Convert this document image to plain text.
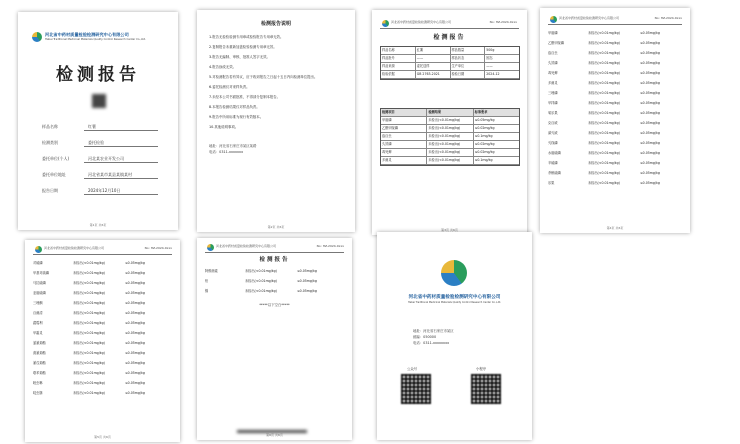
河北省中药材质量检验检测研究中心有限公司
Hebei Traditional Medicinal Materials Quality Control Research Center Co.,Ltd.
检测报告
第1页 共6页
样品名称	红薯
检测类别	委托检验
委托单位(个人)	河北某农业开发公司
委托单位地址	河北省某市某县某镇某村
报告日期	2024年12月10日
检测报告说明
1.报告无检验检测专用章或检验报告专用章无效。
2.复制报告未重新加盖检验检测专用章无效。
3.报告无编制、审核、批准人签字无效。
4.报告涂改无效。
5.对检测报告若有异议，应于收到报告之日起十五日内向检测单位提出。
6.委托检测仅对来样负责。
7.未经本公司书面批准，不得部分复制本报告。
8.本报告检测结果仅对样品负责。
9.报告中所用标准为现行有效版本。
10.其他说明事项。
地址：河北省石家庄市某区某路
电话：0311-xxxxxxx
第2页 共6页
河北省中药材质量检验检测研究中心有限公司	No: HZ-2024-0xxx
检测报告
样品名称	红薯	样品数量	500g
样品批号	——	样品状态	固态
样品来源	委托送样	生产单位	——
检验依据	GB 2763-2021	检验日期	2024-12
检测项目	检测结果	标准要求
甲胺磷	未检出(<0.01mg/kg)	≤0.05mg/kg
乙酰甲胺磷	未检出(<0.01mg/kg)	≤0.02mg/kg
敌百虫	未检出(<0.01mg/kg)	≤0.1mg/kg
久效磷	未检出(<0.01mg/kg)	≤0.02mg/kg
毒死蜱	未检出(<0.01mg/kg)	≤0.02mg/kg
多菌灵	未检出(<0.01mg/kg)	≤0.1mg/kg
第3页 共6页
河北省中药材质量检验检测研究中心有限公司	No: HZ-2024-0xxx
甲胺磷	未检出(<0.01mg/kg)	≤0.05mg/kg
乙酰甲胺磷	未检出(<0.01mg/kg)	≤0.05mg/kg
敌百虫	未检出(<0.01mg/kg)	≤0.05mg/kg
久效磷	未检出(<0.01mg/kg)	≤0.05mg/kg
毒死蜱	未检出(<0.01mg/kg)	≤0.05mg/kg
多菌灵	未检出(<0.01mg/kg)	≤0.05mg/kg
三唑磷	未检出(<0.01mg/kg)	≤0.05mg/kg
甲拌磷	未检出(<0.01mg/kg)	≤0.05mg/kg
氧乐果	未检出(<0.01mg/kg)	≤0.05mg/kg
克百威	未检出(<0.01mg/kg)	≤0.05mg/kg
涕灭威	未检出(<0.01mg/kg)	≤0.05mg/kg
灭线磷	未检出(<0.01mg/kg)	≤0.05mg/kg
水胺硫磷	未检出(<0.01mg/kg)	≤0.05mg/kg
辛硫磷	未检出(<0.01mg/kg)	≤0.05mg/kg
杀螟硫磷	未检出(<0.01mg/kg)	≤0.05mg/kg
乐果	未检出(<0.01mg/kg)	≤0.05mg/kg
第4页 共6页
河北省中药材质量检验检测研究中心有限公司	No: HZ-2024-0xxx
对硫磷	未检出(<0.01mg/kg)	≤0.05mg/kg
甲基对硫磷	未检出(<0.01mg/kg)	≤0.05mg/kg
马拉硫磷	未检出(<0.01mg/kg)	≤0.05mg/kg
亚胺硫磷	未检出(<0.01mg/kg)	≤0.05mg/kg
三唑酮	未检出(<0.01mg/kg)	≤0.05mg/kg
百菌清	未检出(<0.01mg/kg)	≤0.05mg/kg
腐霉利	未检出(<0.01mg/kg)	≤0.05mg/kg
甲霜灵	未检出(<0.01mg/kg)	≤0.05mg/kg
氯氰菊酯	未检出(<0.01mg/kg)	≤0.05mg/kg
溴氰菊酯	未检出(<0.01mg/kg)	≤0.05mg/kg
氰戊菊酯	未检出(<0.01mg/kg)	≤0.05mg/kg
联苯菊酯	未检出(<0.01mg/kg)	≤0.05mg/kg
吡虫啉	未检出(<0.01mg/kg)	≤0.05mg/kg
啶虫脒	未检出(<0.01mg/kg)	≤0.05mg/kg
第5页 共6页
河北省中药材质量检验检测研究中心有限公司	No: HZ-2024-0xxx
检测报告
阿维菌素	未检出(<0.01mg/kg)	≤0.05mg/kg
铅	未检出(<0.01mg/kg)	≤0.05mg/kg
镉	未检出(<0.01mg/kg)	≤0.05mg/kg
*****以下空白*****
第6页 共6页
河北省中药材质量检验检测研究中心有限公司
Hebei Traditional Medicinal Materials Quality Control Research Center Co.,Ltd.
地址：河北省石家庄市某区
邮编：050000
电话：0311-xxxxxxxx
公众号	小程序
